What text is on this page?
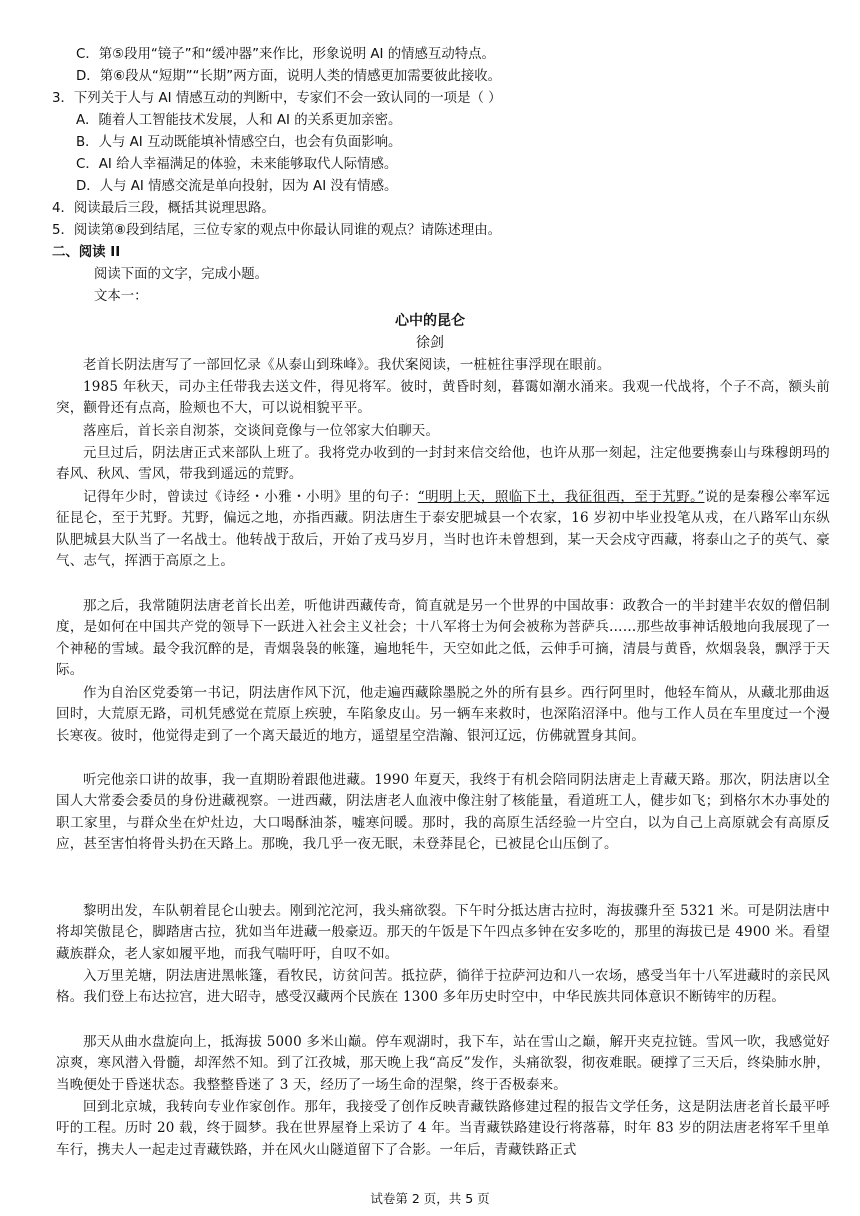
C．第⑤段用“镜子”和“缓冲器”来作比，形象说明 AI 的情感互动特点。
D．第⑥段从“短期”“长期”两方面，说明人类的情感更加需要彼此接收。
3．下列关于人与 AI 情感互动的判断中，专家们不会一致认同的一项是（ ）
A．随着人工智能技术发展，人和 AI 的关系更加亲密。
B．人与 AI 互动既能填补情感空白，也会有负面影响。
C．AI 给人幸福满足的体验，未来能够取代人际情感。
D．人与 AI 情感交流是单向投射，因为 AI 没有情感。
4．阅读最后三段，概括其说理思路。
5．阅读第⑧段到结尾，三位专家的观点中你最认同谁的观点？请陈述理由。
二、阅读 II
阅读下面的文字，完成小题。
文本一：
心中的昆仑
徐剑
老首长阴法唐写了一部回忆录《从泰山到珠峰》。我伏案阅读，一桩桩往事浮现在眼前。
1985 年秋天，司办主任带我去送文件，得见将军。彼时，黄昏时刻，暮霭如潮水涌来。我观一代战将，个子不高，额头前突，颧骨还有点高，脸颊也不大，可以说相貌平平。
落座后，首长亲自沏茶，交谈间竟像与一位邻家大伯聊天。
元旦过后，阴法唐正式来部队上班了。我将党办收到的一封封来信交给他，也许从那一刻起，注定他要携泰山与珠穆朗玛的春风、秋风、雪风，带我到遥远的荒野。
记得年少时，曾读过《诗经・小雅・小明》里的句子：“明明上天，照临下土，我征徂西，至于艽野。”说的是秦穆公率军远征昆仑，至于艽野。艽野，偏远之地，亦指西藏。阴法唐生于泰安肥城县一个农家，16 岁初中毕业投笔从戎，在八路军山东纵队肥城县大队当了一名战士。他转战于敌后，开始了戎马岁月，当时也许未曾想到，某一天会戍守西藏，将泰山之子的英气、豪气、志气，挥洒于高原之上。
那之后，我常随阴法唐老首长出差，听他讲西藏传奇，简直就是另一个世界的中国故事：政教合一的半封建半农奴的僧侣制度，是如何在中国共产党的领导下一跃进入社会主义社会；十八军将士为何会被称为菩萨兵……那些故事神话般地向我展现了一个神秘的雪域。最令我沉醉的是，青烟袅袅的帐篷，遍地牦牛，天空如此之低，云伸手可摘，清晨与黄昏，炊烟袅袅，飘浮于天际。
作为自治区党委第一书记，阴法唐作风下沉，他走遍西藏除墨脱之外的所有县乡。西行阿里时，他轻车简从，从藏北那曲返回时，大荒原无路，司机凭感觉在荒原上疾驶，车陷象皮山。另一辆车来救时，也深陷沼泽中。他与工作人员在车里度过一个漫长寒夜。彼时，他觉得走到了一个离天最近的地方，遥望星空浩瀚、银河辽远，仿佛就置身其间。
听完他亲口讲的故事，我一直期盼着跟他进藏。1990 年夏天，我终于有机会陪同阴法唐走上青藏天路。那次，阴法唐以全国人大常委会委员的身份进藏视察。一进西藏，阴法唐老人血液中像注射了核能量，看道班工人，健步如飞；到格尔木办事处的职工家里，与群众坐在炉灶边，大口喝酥油茶，嘘寒问暖。那时，我的高原生活经验一片空白，以为自己上高原就会有高原反应，甚至害怕将骨头扔在天路上。那晚，我几乎一夜无眠，未登莽昆仑，已被昆仑山压倒了。
黎明出发，车队朝着昆仑山驶去。刚到沱沱河，我头痛欲裂。下午时分抵达唐古拉时，海拔骤升至 5321 米。可是阴法唐中将却笑傲昆仑，脚踏唐古拉，犹如当年进藏一般豪迈。那天的午饭是下午四点多钟在安多吃的，那里的海拔已是 4900 米。看望藏族群众，老人家如履平地，而我气喘吁吁，自叹不如。
入万里羌塘，阴法唐进黑帐篷，看牧民，访贫问苦。抵拉萨，徜徉于拉萨河边和八一农场，感受当年十八军进藏时的亲民风格。我们登上布达拉宫，进大昭寺，感受汉藏两个民族在 1300 多年历史时空中，中华民族共同体意识不断铸牢的历程。
那天从曲水盘旋向上，抵海拔 5000 多米山巅。停车观湖时，我下车，站在雪山之巅，解开夹克拉链。雪风一吹，我感觉好凉爽，寒风潜入骨髓，却浑然不知。到了江孜城，那天晚上我“高反”发作，头痛欲裂，彻夜难眠。硬撑了三天后，终染肺水肿，当晚便处于昏迷状态。我整整昏迷了 3 天，经历了一场生命的涅槃，终于否极泰来。
回到北京城，我转向专业作家创作。那年，我接受了创作反映青藏铁路修建过程的报告文学任务，这是阴法唐老首长最平呼吁的工程。历时 20 载，终于圆梦。我在世界屋脊上采访了 4 年。当青藏铁路建设行将落幕，时年 83 岁的阴法唐老将军千里单车行，携夫人一起走过青藏铁路，并在风火山隧道留下了合影。一年后，青藏铁路正式
试卷第 2 页，共 5 页
